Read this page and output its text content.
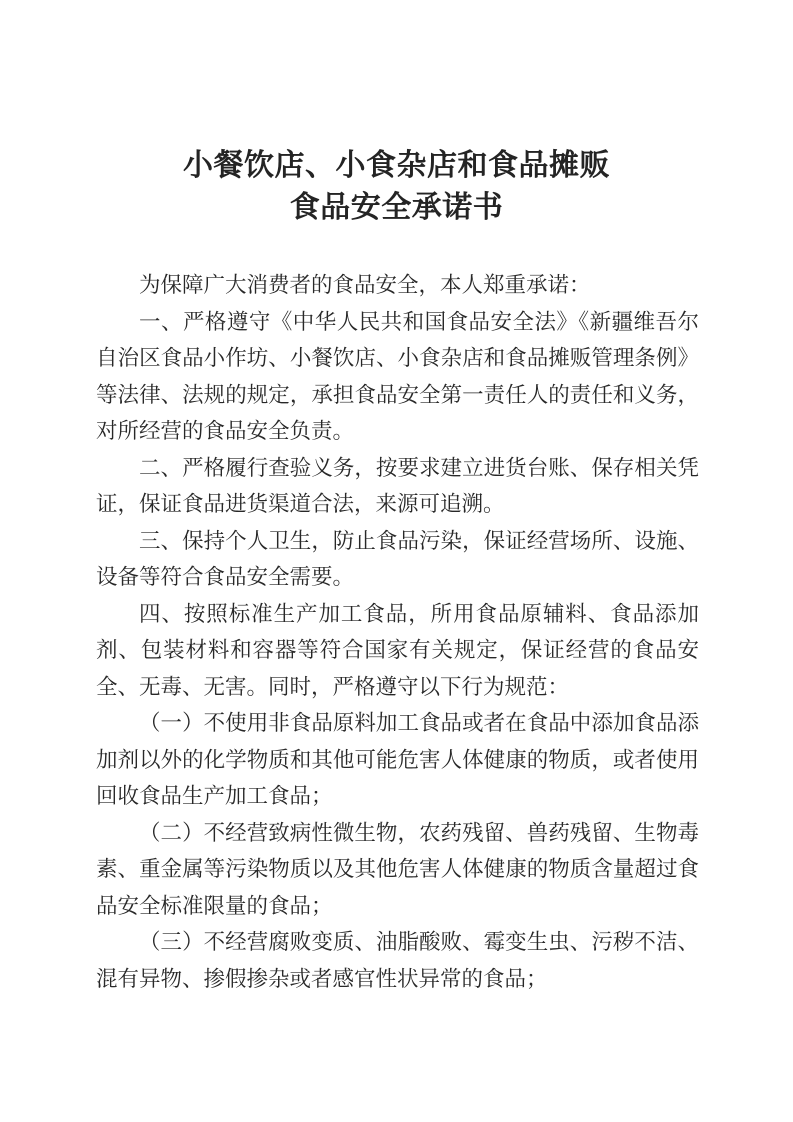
小餐饮店、小食杂店和食品摊贩
食品安全承诺书

为保障广大消费者的食品安全，本人郑重承诺：

一、严格遵守《中华人民共和国食品安全法》《新疆维吾尔自治区食品小作坊、小餐饮店、小食杂店和食品摊贩管理条例》等法律、法规的规定，承担食品安全第一责任人的责任和义务，对所经营的食品安全负责。

二、严格履行查验义务，按要求建立进货台账、保存相关凭证，保证食品进货渠道合法，来源可追溯。

三、保持个人卫生，防止食品污染，保证经营场所、设施、设备等符合食品安全需要。

四、按照标准生产加工食品，所用食品原辅料、食品添加剂、包装材料和容器等符合国家有关规定，保证经营的食品安全、无毒、无害。同时，严格遵守以下行为规范：

（一）不使用非食品原料加工食品或者在食品中添加食品添加剂以外的化学物质和其他可能危害人体健康的物质，或者使用回收食品生产加工食品；

（二）不经营致病性微生物，农药残留、兽药残留、生物毒素、重金属等污染物质以及其他危害人体健康的物质含量超过食品安全标准限量的食品；

（三）不经营腐败变质、油脂酸败、霉变生虫、污秽不洁、混有异物、掺假掺杂或者感官性状异常的食品；
